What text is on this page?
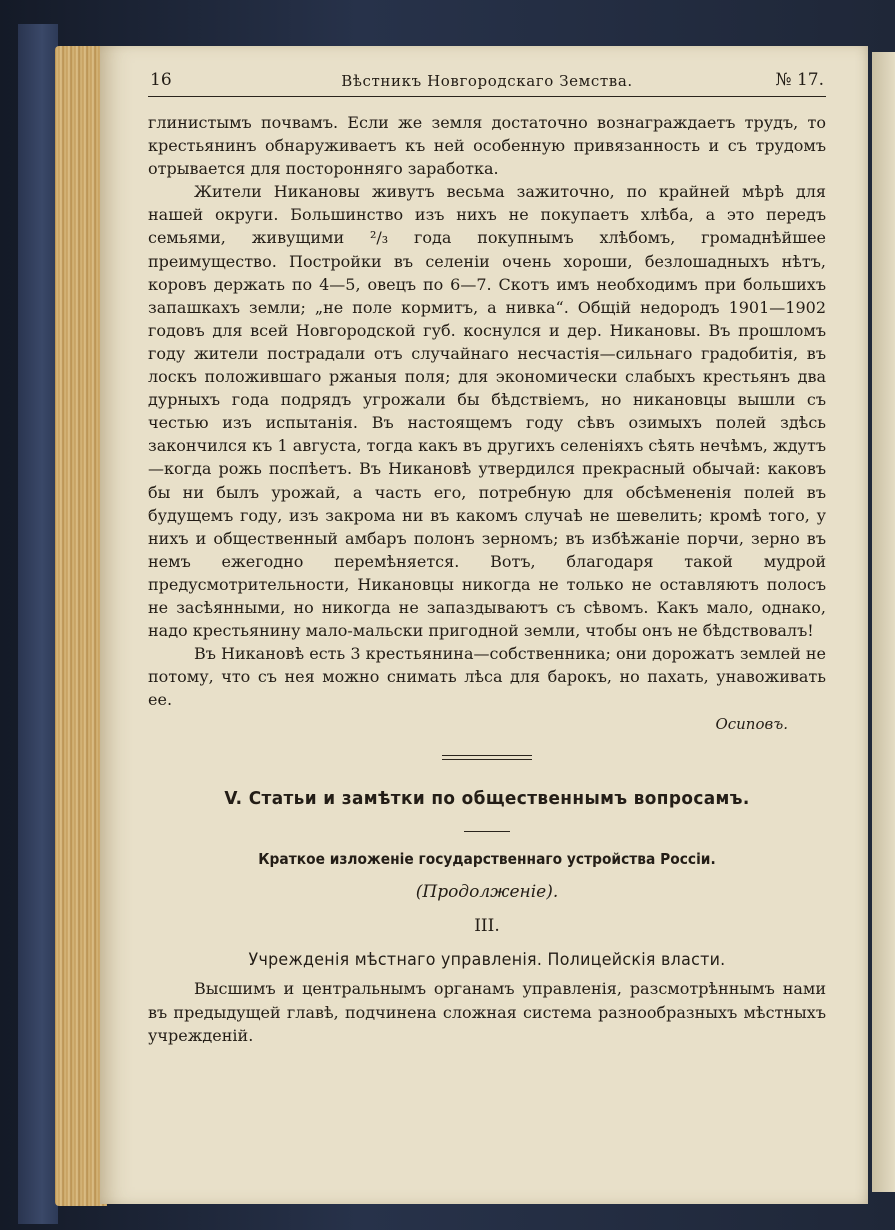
16	Вѣстникъ Новгородскаго Земства.	№ 17.

глинистымъ почвамъ. Если же земля достаточно вознаграждаетъ трудъ, то крестьянинъ обнаруживаетъ къ ней особенную привязанность и съ трудомъ отрывается для посторонняго заработка.

Жители Никановы живутъ весьма зажиточно, по крайней мѣрѣ для нашей округи. Большинство изъ нихъ не покупаетъ хлѣба, а это передъ семьями, живущими ²/₃ года покупнымъ хлѣбомъ, громаднѣйшее преимущество. Постройки въ селеніи очень хороши, безлошадныхъ нѣтъ, коровъ держать по 4—5, овецъ по 6—7. Скотъ имъ необходимъ при большихъ запашкахъ земли; „не поле кормитъ, а нивка“. Общій недородъ 1901—1902 годовъ для всей Новгородской губ. коснулся и дер. Никановы. Въ прошломъ году жители пострадали отъ случайнаго несчастія—сильнаго градобитія, въ лоскъ положившаго ржаныя поля; для экономически слабыхъ крестьянъ два дурныхъ года подрядъ угрожали бы бѣдствіемъ, но никановцы вышли съ честью изъ испытанія. Въ настоящемъ году сѣвъ озимыхъ полей здѣсь закончился къ 1 августа, тогда какъ въ другихъ селеніяхъ сѣять нечѣмъ, ждутъ—когда рожь поспѣетъ. Въ Никановѣ утвердился прекрасный обычай: каковъ бы ни былъ урожай, а часть его, потребную для обсѣмененія полей въ будущемъ году, изъ закрома ни въ какомъ случаѣ не шевелить; кромѣ того, у нихъ и общественный амбаръ полонъ зерномъ; въ избѣжаніе порчи, зерно въ немъ ежегодно перемѣняется. Вотъ, благодаря такой мудрой предусмотрительности, Никановцы никогда не только не оставляютъ полосъ не засѣянными, но никогда не запаздываютъ съ сѣвомъ. Какъ мало, однако, надо крестьянину мало-мальски пригодной земли, чтобы онъ не бѣдствовалъ!

Въ Никановѣ есть 3 крестьянина—собственника; они дорожатъ землей не потому, что съ нея можно снимать лѣса для барокъ, но пахать, унавоживать ее.

Осиповъ.
V. Статьи и замѣтки по общественнымъ вопросамъ.
Краткое изложеніе государственнаго устройства Россіи.
(Продолженіе).
III.
Учрежденія мѣстнаго управленія. Полицейскія власти.

Высшимъ и центральнымъ органамъ управленія, разсмотрѣннымъ нами въ предыдущей главѣ, подчинена сложная система разнообразныхъ мѣстныхъ учрежденій.
